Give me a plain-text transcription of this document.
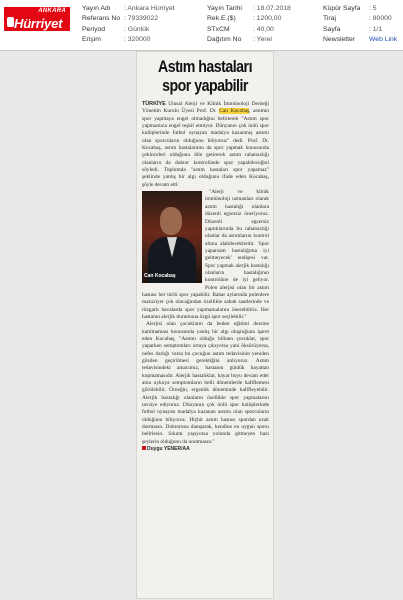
ANKARA
Hürriyet
Yayın Adı	: Ankara Hürriyet
Referans No : 79339022
Periyod	: Günlük
Erişim	: 320000
Yayın Tarihi	: 18.07.2018
Rek.E.($)	: 1200,00
STxCM	: 40,00
Dağıtım No	: Yerel
Küpür Sayfa	: 5
Tiraj	: 80000
Sayfa	: 1/1
Newsletter	Web Link
Astım hastaları
spor yapabilir

TÜRKİYE Ulusal Alerji ve Klinik İmmünoloji Derneği Yönetim Kurulu Üyesi Prof. Dr. Can Kocabaş, astımın spor yapmaya engel olmadığını belirterek "Astım spor yapmamıza engel teşkil etmiyor. Dünyanın çok ünlü spor kulüplerinde futbol oynayan madalya kazanmış astımı olan sporcuların olduğunu biliyoruz" dedi. Prof. Dr. Kocabaş, astım hastalarının da spor yapmak konusunda çekinceleri olduğunu dile getirerek astım rahatsızlığı olanların da doktor kontrolünde spor yapabileceğini söyledi. Toplumda "astım hastaları spor yapamaz" şeklinde yanlış bir algı olduğunu ifade eden Kocabaş, şöyle devam etti:

Can Kocabaş

"Alerji ve klinik immünoloji uzmanları olarak astım hastalığı olanlara düzenli egzersiz öneriyoruz. Düzenli egzersiz yaptıklarında bu rahatsızlığı olanlar da astımlarını kontrol altına alabileceklerdir. 'Spor yaparsam hastalığıma iyi gelmeyecek' endişesi var. Spor yapmak alerjik hastalığı olanların hastalığının kontrolüne de iyi geliyor. Polen alerjisi olan bir astım hastası her türlü spor yapabilir. Bahar aylarında polenlere maruziyet çok olacağından özellikle sabah saatlerinde ve rüzgarlı havalarda spor yapmamalarını önerebiliriz. Her hastanın alerjik durumuna özgü spor seçilebilir."

Alerjisi olan çocukların da beden eğitimi dersine katılmaması konusunda yanlış bir algı oluştuğuna işaret eden Kocabaş, "Astımı olduğu bilinen çocuklar, spor yaparken semptomları ortaya çıkıyorsa yani öksürüyorsa, nefes darlığı varsa bu çocuğun astım tedavisinin yeniden gözden geçirilmesi gerektiğini anlıyoruz. Astım tedavisindeki amacımız, hastanın günlük hayattan kopmamasıdır. Alerjik hastalıklar, hayat boyu devam eder ama uykuya semptomların belli dönemlerde hafiflemesi görülebilir. Örneğin, ergenlik döneminde hafifleyebilir. Alerjik hastalığı olanların özellikle spor yapmalarını tavsiye ediyoruz. Dünyanın çok ünlü spor kulüplerinde futbol oynayan madalya kazanan astımı olan sporcuların olduğunu biliyoruz. Hiçbir astım hastası spordan uzak durmasın. Doktoruna danışarak, kendine en uygun sporu belirlesin. Sıkıntı yaşıyorsa yolunda gitmeyen bazı şeylerin olduğunu da unutmasın."

Duygu YENER/AA
